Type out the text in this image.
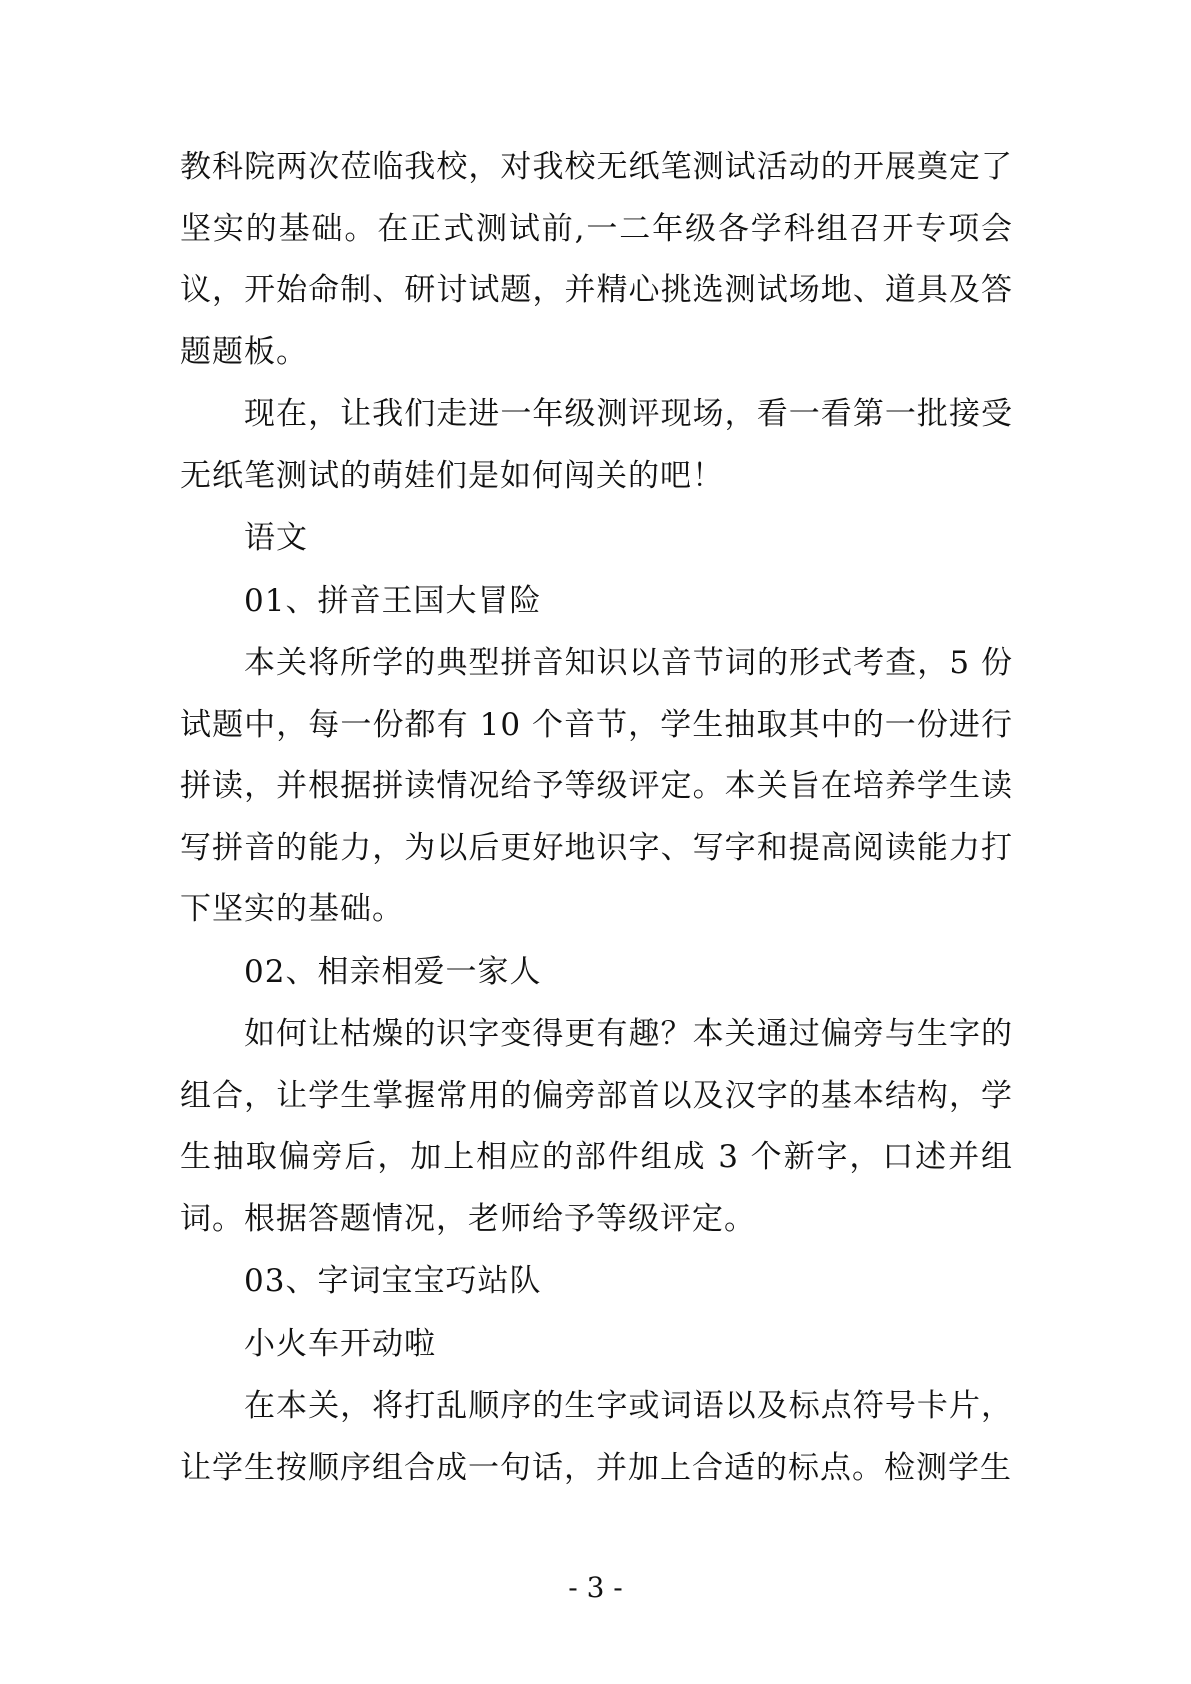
教科院两次莅临我校，对我校无纸笔测试活动的开展奠定了坚实的基础。在正式测试前,一二年级各学科组召开专项会议，开始命制、研讨试题，并精心挑选测试场地、道具及答题题板。

现在，让我们走进一年级测评现场，看一看第一批接受无纸笔测试的萌娃们是如何闯关的吧！

语文

01、拼音王国大冒险

本关将所学的典型拼音知识以音节词的形式考查，5 份试题中，每一份都有 10 个音节，学生抽取其中的一份进行拼读，并根据拼读情况给予等级评定。本关旨在培养学生读写拼音的能力，为以后更好地识字、写字和提高阅读能力打下坚实的基础。

02、相亲相爱一家人

如何让枯燥的识字变得更有趣？本关通过偏旁与生字的组合，让学生掌握常用的偏旁部首以及汉字的基本结构，学生抽取偏旁后，加上相应的部件组成 3 个新字，口述并组词。根据答题情况，老师给予等级评定。

03、字词宝宝巧站队

小火车开动啦

在本关，将打乱顺序的生字或词语以及标点符号卡片，让学生按顺序组合成一句话，并加上合适的标点。检测学生

- 3 -
